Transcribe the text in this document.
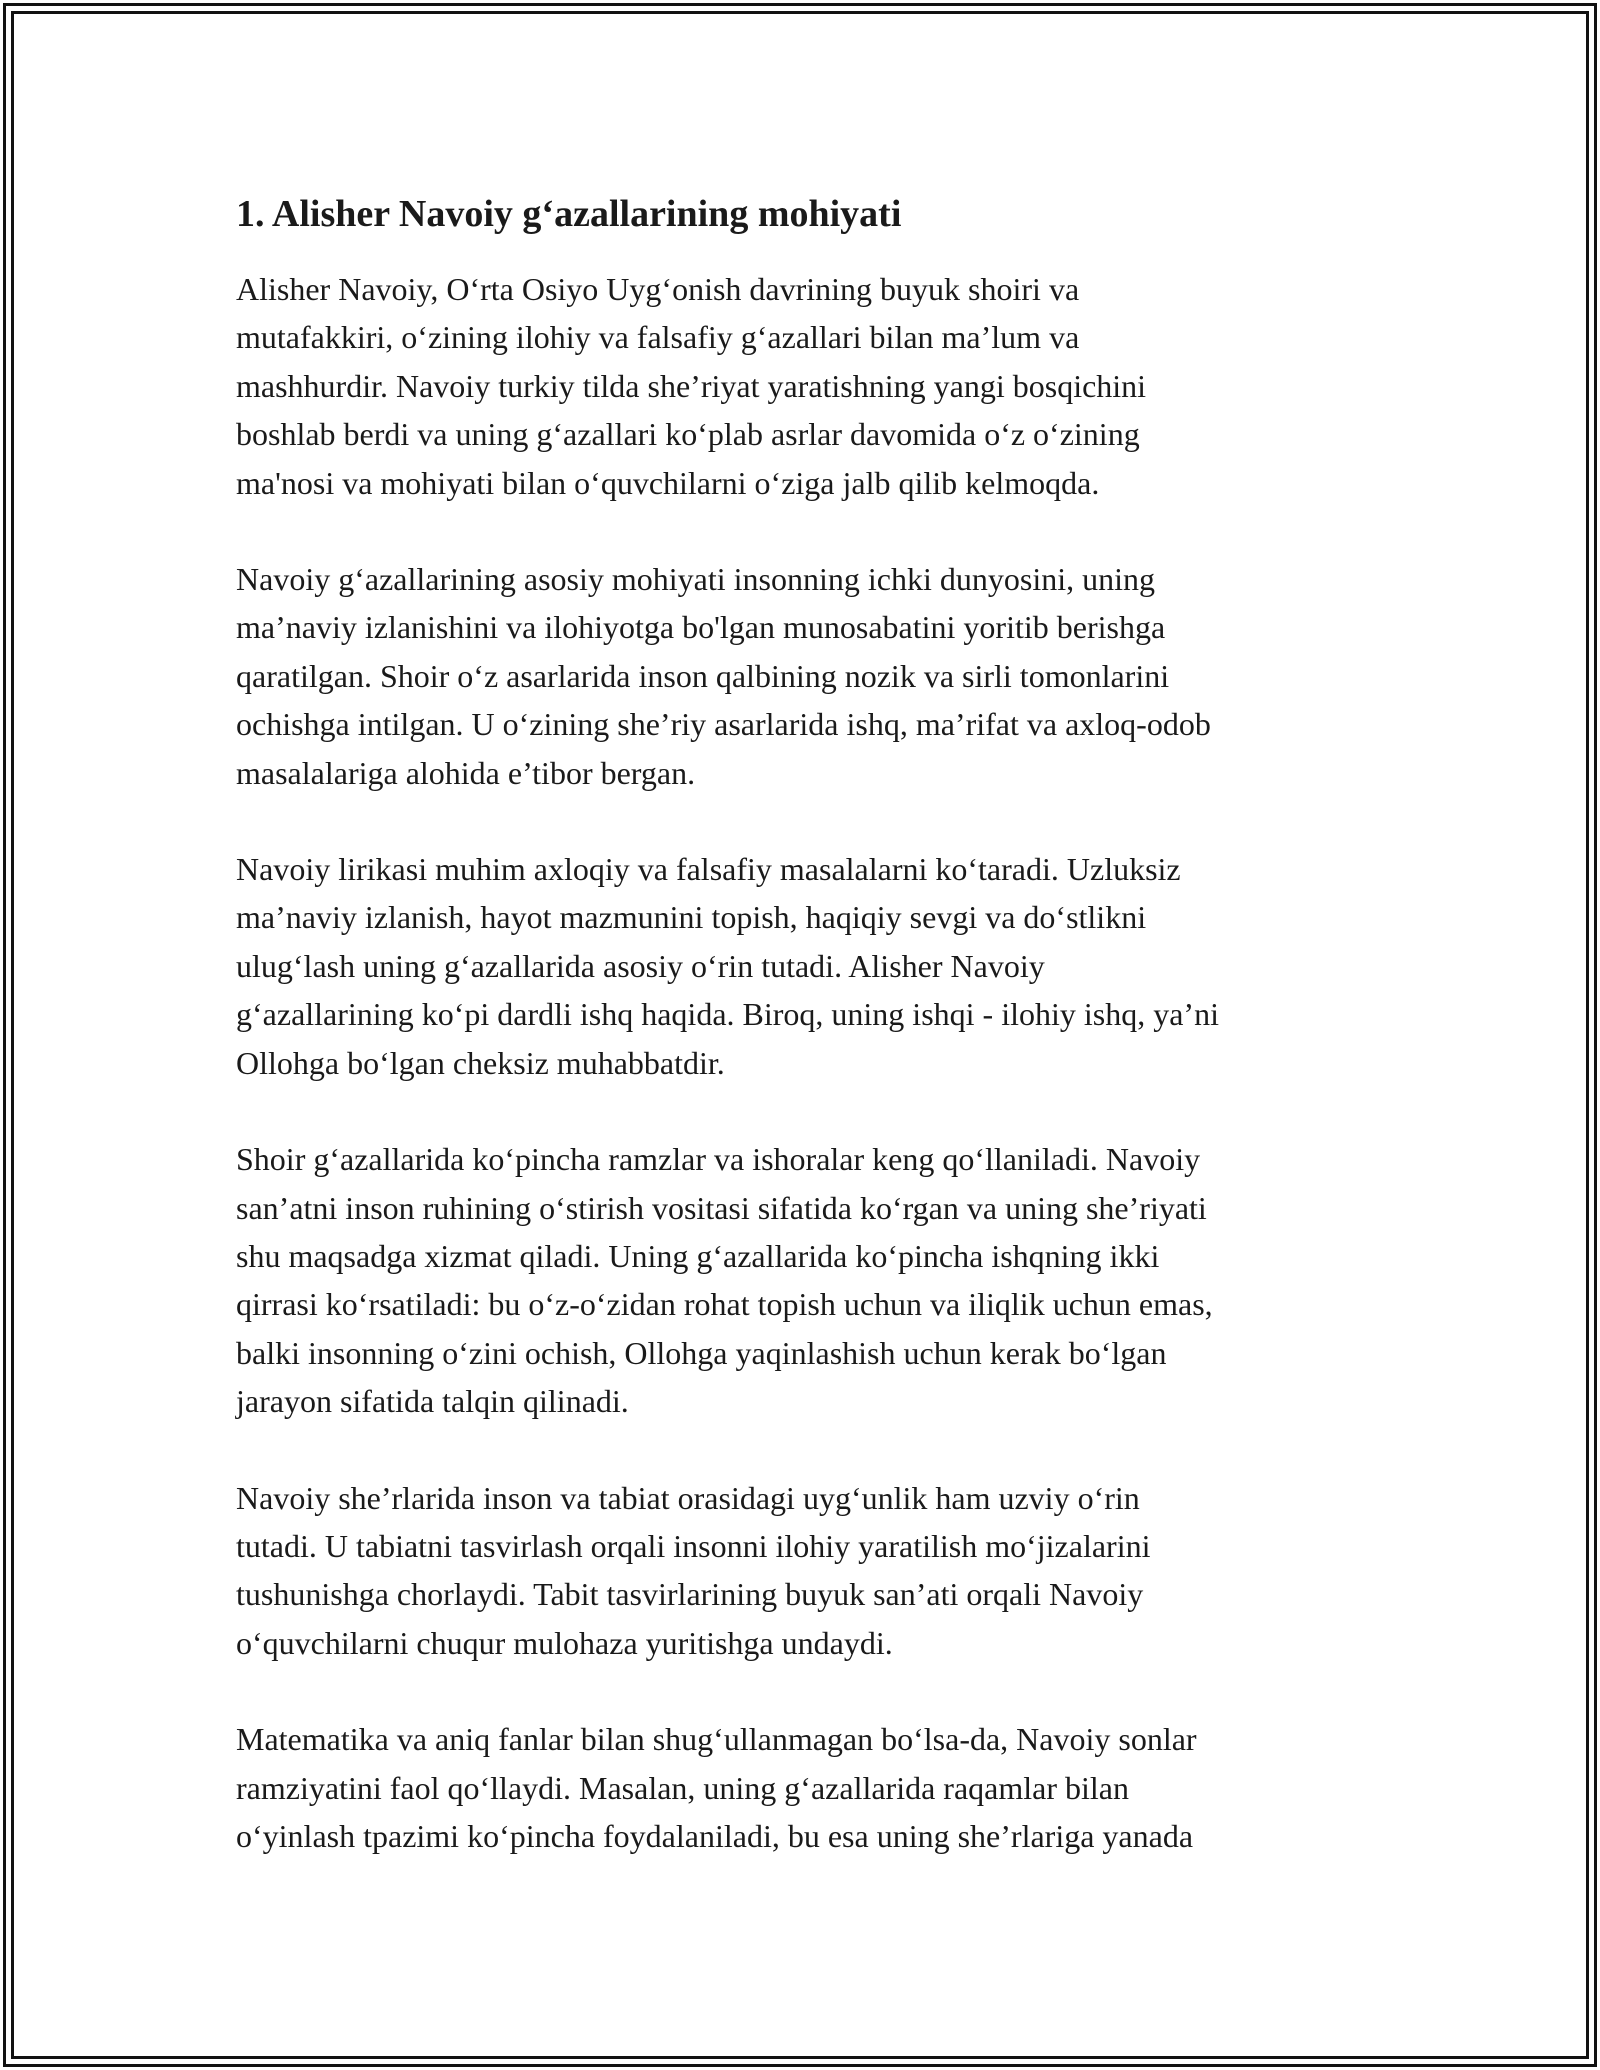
1. Alisher Navoiy g‘azallarining mohiyati

Alisher Navoiy, O‘rta Osiyo Uyg‘onish davrining buyuk shoiri va
mutafakkiri, o‘zining ilohiy va falsafiy g‘azallari bilan ma’lum va
mashhurdir. Navoiy turkiy tilda she’riyat yaratishning yangi bosqichini
boshlab berdi va uning g‘azallari ko‘plab asrlar davomida o‘z o‘zining
ma'nosi va mohiyati bilan o‘quvchilarni o‘ziga jalb qilib kelmoqda.

Navoiy g‘azallarining asosiy mohiyati insonning ichki dunyosini, uning
ma’naviy izlanishini va ilohiyotga bo'lgan munosabatini yoritib berishga
qaratilgan. Shoir o‘z asarlarida inson qalbining nozik va sirli tomonlarini
ochishga intilgan. U o‘zining she’riy asarlarida ishq, ma’rifat va axloq-odob
masalalariga alohida e’tibor bergan.

Navoiy lirikasi muhim axloqiy va falsafiy masalalarni ko‘taradi. Uzluksiz
ma’naviy izlanish, hayot mazmunini topish, haqiqiy sevgi va do‘stlikni
ulug‘lash uning g‘azallarida asosiy o‘rin tutadi. Alisher Navoiy
g‘azallarining ko‘pi dardli ishq haqida. Biroq, uning ishqi - ilohiy ishq, ya’ni
Ollohga bo‘lgan cheksiz muhabbatdir.

Shoir g‘azallarida ko‘pincha ramzlar va ishoralar keng qo‘llaniladi. Navoiy
san’atni inson ruhining o‘stirish vositasi sifatida ko‘rgan va uning she’riyati
shu maqsadga xizmat qiladi. Uning g‘azallarida ko‘pincha ishqning ikki
qirrasi ko‘rsatiladi: bu o‘z-o‘zidan rohat topish uchun va iliqlik uchun emas,
balki insonning o‘zini ochish, Ollohga yaqinlashish uchun kerak bo‘lgan
jarayon sifatida talqin qilinadi.

Navoiy she’rlarida inson va tabiat orasidagi uyg‘unlik ham uzviy o‘rin
tutadi. U tabiatni tasvirlash orqali insonni ilohiy yaratilish mo‘jizalarini
tushunishga chorlaydi. Tabit tasvirlarining buyuk san’ati orqali Navoiy
o‘quvchilarni chuqur mulohaza yuritishga undaydi.

Matematika va aniq fanlar bilan shug‘ullanmagan bo‘lsa-da, Navoiy sonlar
ramziyatini faol qo‘llaydi. Masalan, uning g‘azallarida raqamlar bilan
o‘yinlash tpazimi ko‘pincha foydalaniladi, bu esa uning she’rlariga yanada
